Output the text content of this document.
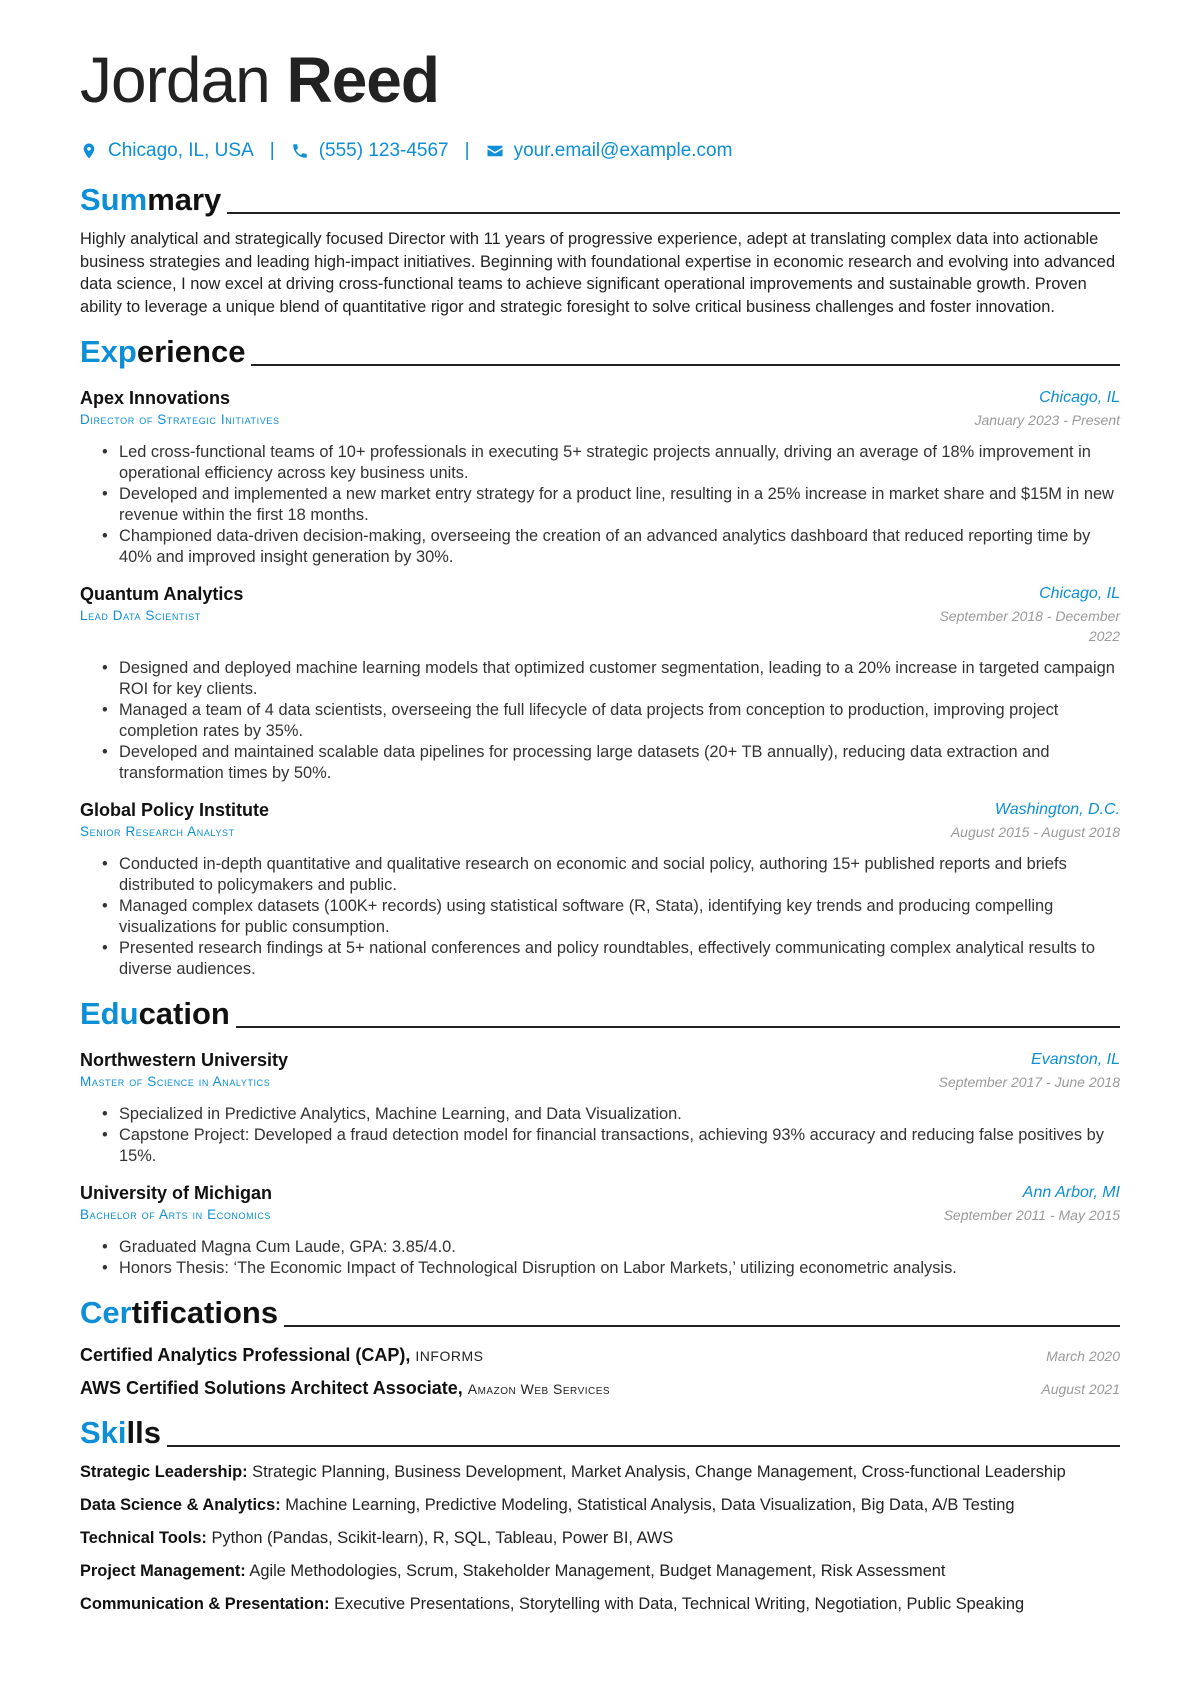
Jordan Reed
Chicago, IL, USA | (555) 123-4567 | your.email@example.com
Summary

Highly analytical and strategically focused Director with 11 years of progressive experience, adept at translating complex data into actionable business strategies and leading high-impact initiatives. Beginning with foundational expertise in economic research and evolving into advanced data science, I now excel at driving cross-functional teams to achieve significant operational improvements and sustainable growth. Proven ability to leverage a unique blend of quantitative rigor and strategic foresight to solve critical business challenges and foster innovation.

Experience
Apex Innovations
Director of Strategic Initiatives
Chicago, IL
January 2023 - Present
• Led cross-functional teams of 10+ professionals in executing 5+ strategic projects annually, driving an average of 18% improvement in operational efficiency across key business units.
• Developed and implemented a new market entry strategy for a product line, resulting in a 25% increase in market share and $15M in new revenue within the first 18 months.
• Championed data-driven decision-making, overseeing the creation of an advanced analytics dashboard that reduced reporting time by 40% and improved insight generation by 30%.
Quantum Analytics
Lead Data Scientist
Chicago, IL
September 2018 - December 2022
• Designed and deployed machine learning models that optimized customer segmentation, leading to a 20% increase in targeted campaign ROI for key clients.
• Managed a team of 4 data scientists, overseeing the full lifecycle of data projects from conception to production, improving project completion rates by 35%.
• Developed and maintained scalable data pipelines for processing large datasets (20+ TB annually), reducing data extraction and transformation times by 50%.
Global Policy Institute
Senior Research Analyst
Washington, D.C.
August 2015 - August 2018
• Conducted in-depth quantitative and qualitative research on economic and social policy, authoring 15+ published reports and briefs distributed to policymakers and public.
• Managed complex datasets (100K+ records) using statistical software (R, Stata), identifying key trends and producing compelling visualizations for public consumption.
• Presented research findings at 5+ national conferences and policy roundtables, effectively communicating complex analytical results to diverse audiences.
Education
Northwestern University
Master of Science in Analytics
Evanston, IL
September 2017 - June 2018
• Specialized in Predictive Analytics, Machine Learning, and Data Visualization.
• Capstone Project: Developed a fraud detection model for financial transactions, achieving 93% accuracy and reducing false positives by 15%.
University of Michigan
Bachelor of Arts in Economics
Ann Arbor, MI
September 2011 - May 2015
• Graduated Magna Cum Laude, GPA: 3.85/4.0.
• Honors Thesis: ‘The Economic Impact of Technological Disruption on Labor Markets,’ utilizing econometric analysis.
Certifications
Certified Analytics Professional (CAP), INFORMS	March 2020
AWS Certified Solutions Architect Associate, Amazon Web Services	August 2021
Skills
Strategic Leadership: Strategic Planning, Business Development, Market Analysis, Change Management, Cross-functional Leadership
Data Science & Analytics: Machine Learning, Predictive Modeling, Statistical Analysis, Data Visualization, Big Data, A/B Testing
Technical Tools: Python (Pandas, Scikit-learn), R, SQL, Tableau, Power BI, AWS
Project Management: Agile Methodologies, Scrum, Stakeholder Management, Budget Management, Risk Assessment
Communication & Presentation: Executive Presentations, Storytelling with Data, Technical Writing, Negotiation, Public Speaking
